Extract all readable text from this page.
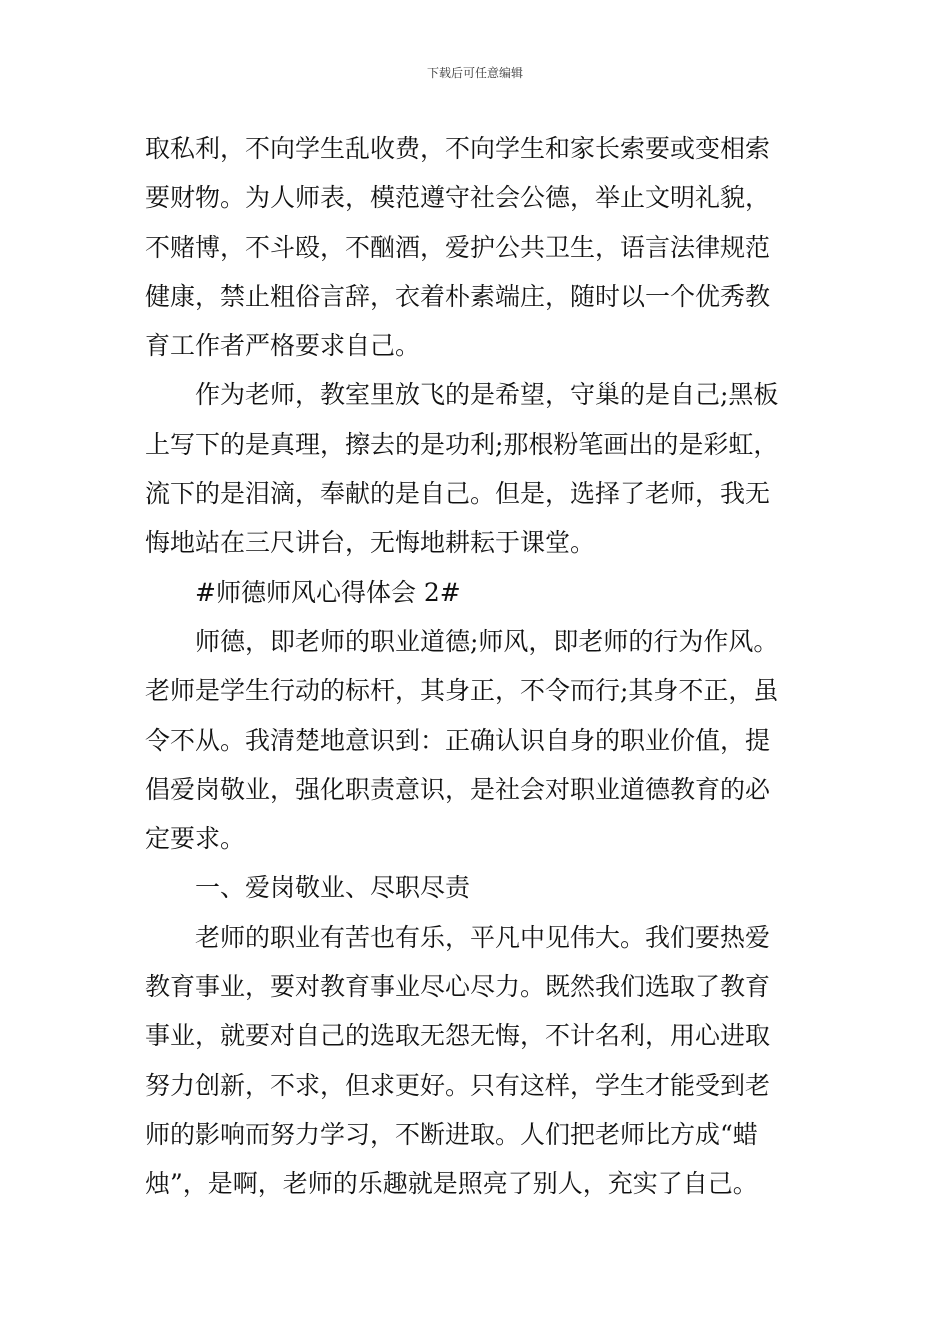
下载后可任意编辑
取私利，不向学生乱收费，不向学生和家长索要或变相索
要财物。为人师表，模范遵守社会公德，举止文明礼貌，
不赌博，不斗殴，不酗酒，爱护公共卫生，语言法律规范
健康，禁止粗俗言辞，衣着朴素端庄，随时以一个优秀教
育工作者严格要求自己。
作为老师，教室里放飞的是希望，守巢的是自己;黑板
上写下的是真理，擦去的是功利;那根粉笔画出的是彩虹，
流下的是泪滴，奉献的是自己。但是，选择了老师，我无
悔地站在三尺讲台，无悔地耕耘于课堂。
#师德师风心得体会 2#
师德，即老师的职业道德;师风，即老师的行为作风。
老师是学生行动的标杆，其身正，不令而行;其身不正，虽
令不从。我清楚地意识到：正确认识自身的职业价值，提
倡爱岗敬业，强化职责意识，是社会对职业道德教育的必
定要求。
一、爱岗敬业、尽职尽责
老师的职业有苦也有乐，平凡中见伟大。我们要热爱
教育事业，要对教育事业尽心尽力。既然我们选取了教育
事业，就要对自己的选取无怨无悔，不计名利，用心进取
努力创新，不求，但求更好。只有这样，学生才能受到老
师的影响而努力学习，不断进取。人们把老师比方成“蜡
烛”，是啊，老师的乐趣就是照亮了别人，充实了自己。
